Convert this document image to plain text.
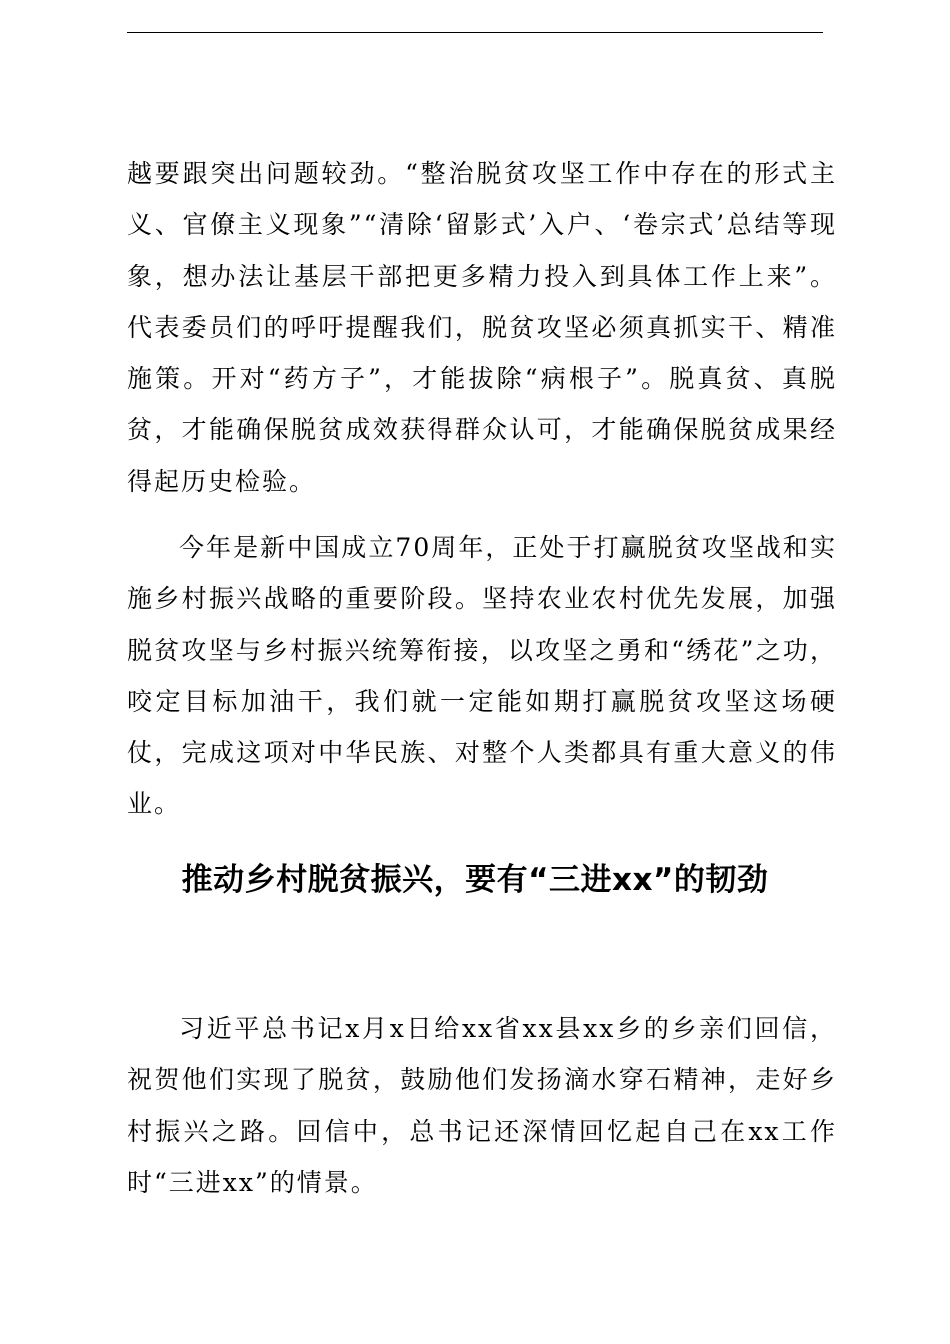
越要跟突出问题较劲。“整治脱贫攻坚工作中存在的形式主义、官僚主义现象”“清除‘留影式’入户、‘卷宗式’总结等现象，想办法让基层干部把更多精力投入到具体工作上来”。代表委员们的呼吁提醒我们，脱贫攻坚必须真抓实干、精准施策。开对“药方子”，才能拔除“病根子”。脱真贫、真脱贫，才能确保脱贫成效获得群众认可，才能确保脱贫成果经得起历史检验。

今年是新中国成立70周年，正处于打赢脱贫攻坚战和实施乡村振兴战略的重要阶段。坚持农业农村优先发展，加强脱贫攻坚与乡村振兴统筹衔接，以攻坚之勇和“绣花”之功，咬定目标加油干，我们就一定能如期打赢脱贫攻坚这场硬仗，完成这项对中华民族、对整个人类都具有重大意义的伟业。

推动乡村脱贫振兴，要有“三进xx”的韧劲

习近平总书记x月x日给xx省xx县xx乡的乡亲们回信，祝贺他们实现了脱贫，鼓励他们发扬滴水穿石精神，走好乡村振兴之路。回信中，总书记还深情回忆起自己在xx工作时“三进xx”的情景。
